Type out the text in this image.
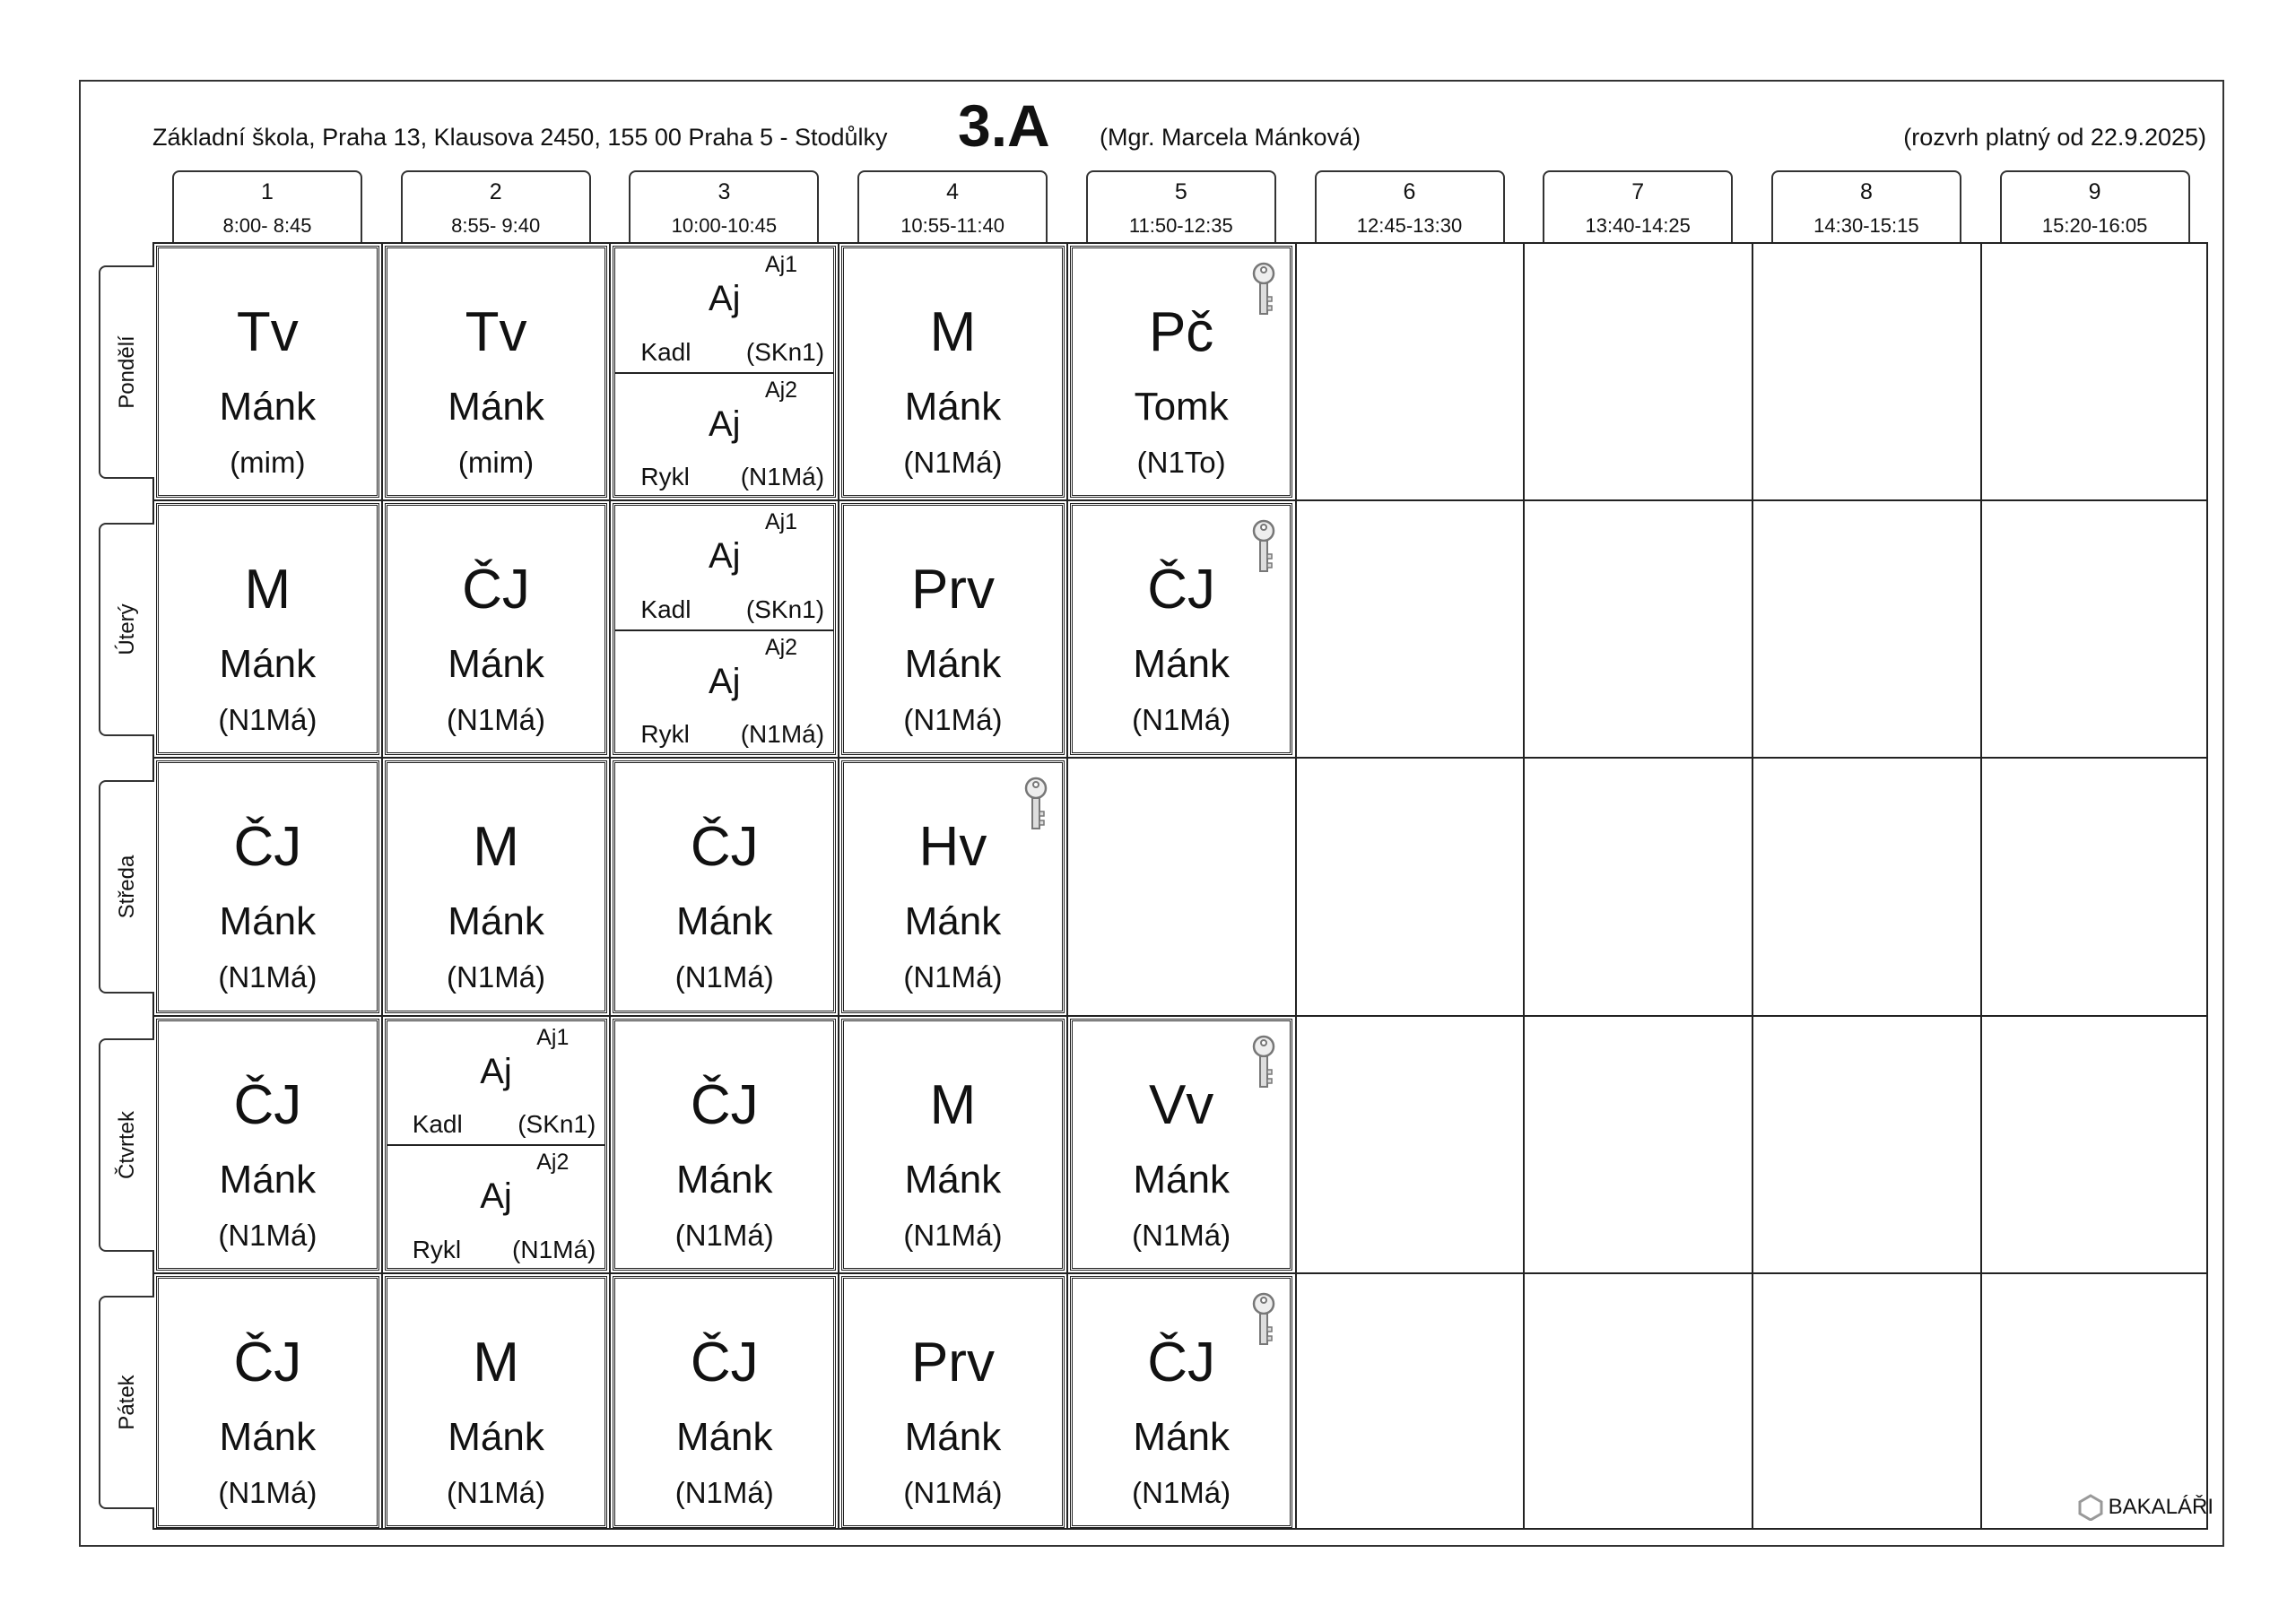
Základní škola, Praha 13, Klausova 2450, 155 00 Praha 5 - Stodůlky 3.A (Mgr. Marcela Mánková)	(rozvrh platný od 22.9.2025)
BAKALÁŘI
1
8:00- 8:45
2
8:55- 9:40
3
10:00-10:45
4
10:55-11:40
5
11:50-12:35
6
12:45-13:30
7
13:40-14:25
8
14:30-15:15
9
15:20-16:05
Pondělí
Úterý
Středa
Čtvrtek
Pátek
Tv
Mánk
(mim)
Tv
Mánk
(mim)
Aj1
Aj
Kadl (SKn1)
Aj2
Aj
Rykl (N1Má)
M
Mánk
(N1Má)
Pč
Tomk
(N1To)
M
Mánk
(N1Má)
ČJ
Mánk
(N1Má)
Aj1
Aj
Kadl (SKn1)
Aj2
Aj
Rykl (N1Má)
Prv
Mánk
(N1Má)
ČJ
Mánk
(N1Má)
ČJ
Mánk
(N1Má)
M
Mánk
(N1Má)
ČJ
Mánk
(N1Má)
Hv
Mánk
(N1Má)
ČJ
Mánk
(N1Má)
Aj1
Aj
Kadl (SKn1)
Aj2
Aj
Rykl (N1Má)
ČJ
Mánk
(N1Má)
M
Mánk
(N1Má)
Vv
Mánk
(N1Má)
ČJ
Mánk
(N1Má)
M
Mánk
(N1Má)
ČJ
Mánk
(N1Má)
Prv
Mánk
(N1Má)
ČJ
Mánk
(N1Má)
